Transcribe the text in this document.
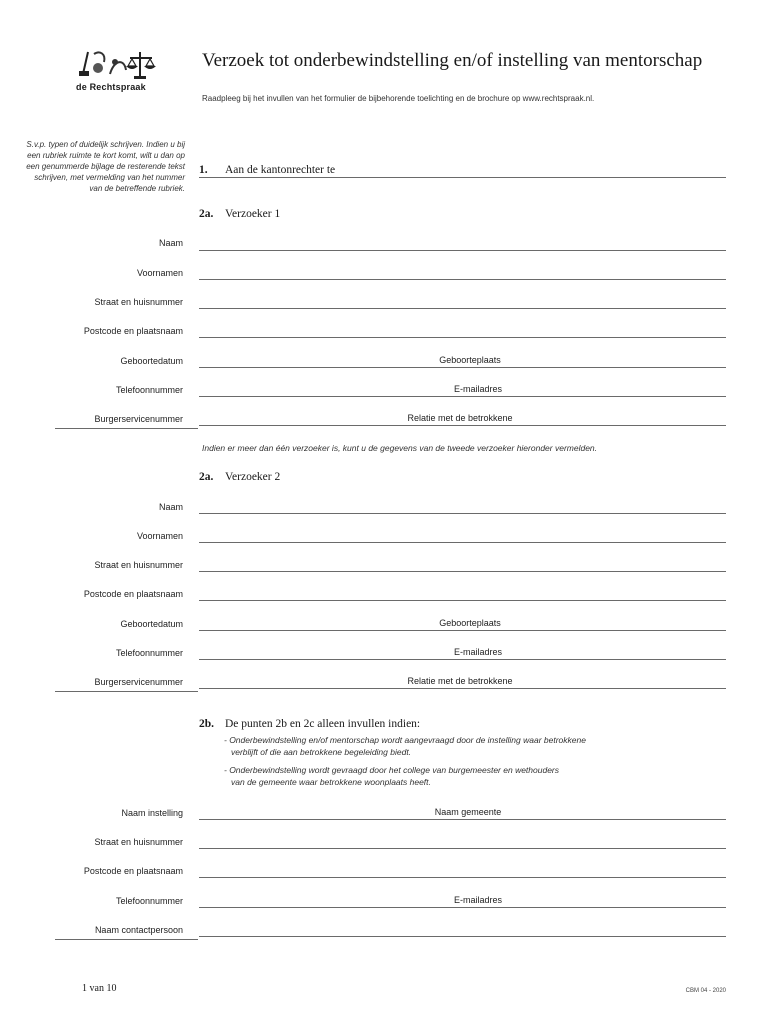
de Rechtspraak
Verzoek tot onderbewindstelling en/of instelling van mentorschap
Raadpleeg bij het invullen van het formulier de bijbehorende toelichting en de brochure op www.rechtspraak.nl.
S.v.p. typen of duidelijk schrijven. Indien u bij een rubriek ruimte te kort komt, wilt u dan op een genummerde bijlage de resterende tekst schrijven, met vermelding van het nummer van de betreffende rubriek.
1. Aan de kantonrechter te
2a. Verzoeker 1
Naam
Voornamen
Straat en huisnummer
Postcode en plaatsnaam
Geboortedatum	Geboorteplaats
Telefoonnummer	E-mailadres
Burgerservicenummer	Relatie met de betrokkene
Indien er meer dan één verzoeker is, kunt u de gegevens van de tweede verzoeker hieronder vermelden.
2a. Verzoeker 2
Naam
Voornamen
Straat en huisnummer
Postcode en plaatsnaam
Geboortedatum	Geboorteplaats
Telefoonnummer	E-mailadres
Burgerservicenummer	Relatie met de betrokkene
2b. De punten 2b en 2c alleen invullen indien:
- Onderbewindstelling en/of mentorschap wordt aangevraagd door de instelling waar betrokkene
verblijft of die aan betrokkene begeleiding biedt.
- Onderbewindstelling wordt gevraagd door het college van burgemeester en wethouders
van de gemeente waar betrokkene woonplaats heeft.
Naam instelling	Naam gemeente
Straat en huisnummer
Postcode en plaatsnaam
Telefoonnummer	E-mailadres
Naam contactpersoon
1 van 10	CBM 04 - 2020
